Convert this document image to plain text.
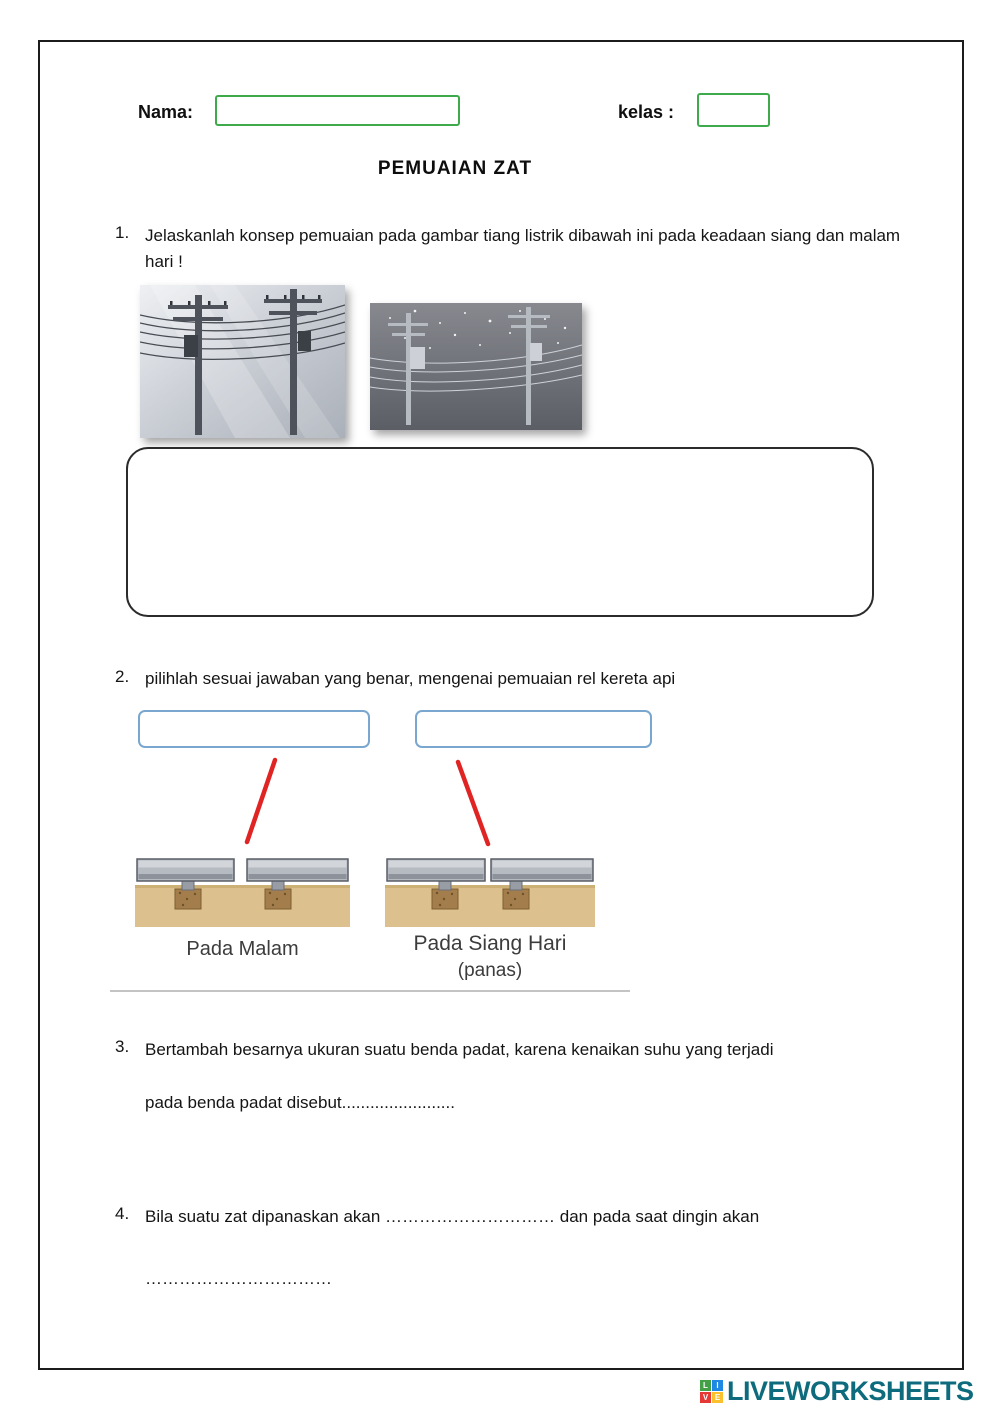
Nama:	kelas :
PEMUAIAN ZAT
1. Jelaskanlah konsep pemuaian pada gambar tiang listrik dibawah ini pada keadaan siang dan malam hari !
2. pilihlah sesuai jawaban yang benar, mengenai pemuaian rel kereta api
Pada Malam	Pada Siang Hari
(panas)
3. Bertambah besarnya ukuran suatu benda padat, karena kenaikan suhu yang terjadi
pada benda padat disebut........................
4. Bila suatu zat dipanaskan akan ………………………… dan pada saat dingin akan
……………………………
L	I
V E LIVEWORKSHEETS
